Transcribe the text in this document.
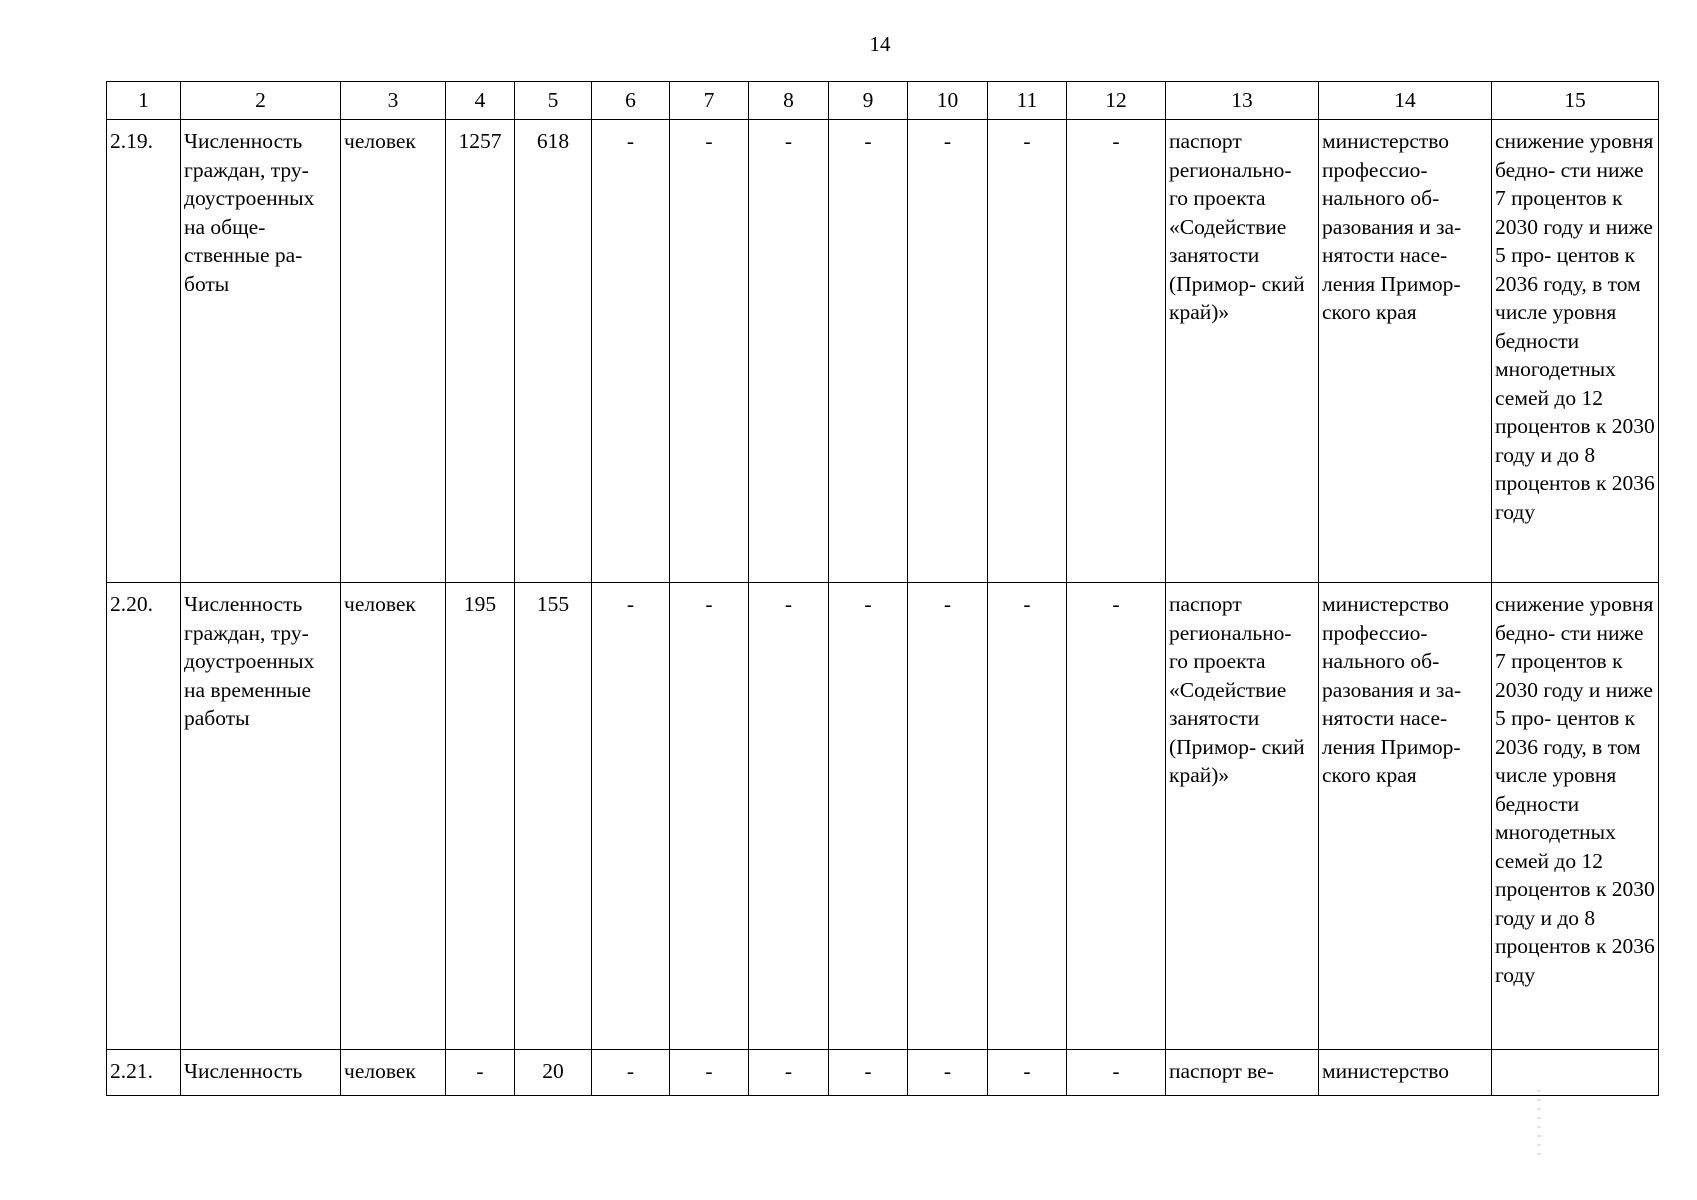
14
1	2	3	4	5	6	7	8	9	10	11	12	13	14	15
2.19.	Численность граждан, тру- доустроенных на обще- ственные ра- боты	человек	1257	618	-	-	-	-	-	-	-	паспорт регионально- го проекта «Содействие занятости (Примор- ский край)»	министерство профессио- нального об- разования и за- нятости насе- ления Примор- ского края	снижение уровня бедно- сти ниже 7 процентов к 2030 году и ниже 5 про- центов к 2036 году, в том числе уровня бедности многодетных семей до 12 процентов к 2030 году и до 8 процентов к 2036 году
2.20.	Численность граждан, тру- доустроенных на временные работы	человек	195	155	-	-	-	-	-	-	-	паспорт регионально- го проекта «Содействие занятости (Примор- ский край)»	министерство профессио- нального об- разования и за- нятости насе- ления Примор- ского края	снижение уровня бедно- сти ниже 7 процентов к 2030 году и ниже 5 про- центов к 2036 году, в том числе уровня бедности многодетных семей до 12 процентов к 2030 году и до 8 процентов к 2036 году
2.21.	Численность	человек	-	20	-	-	-	-	-	-	-	паспорт ве-	министерство	
